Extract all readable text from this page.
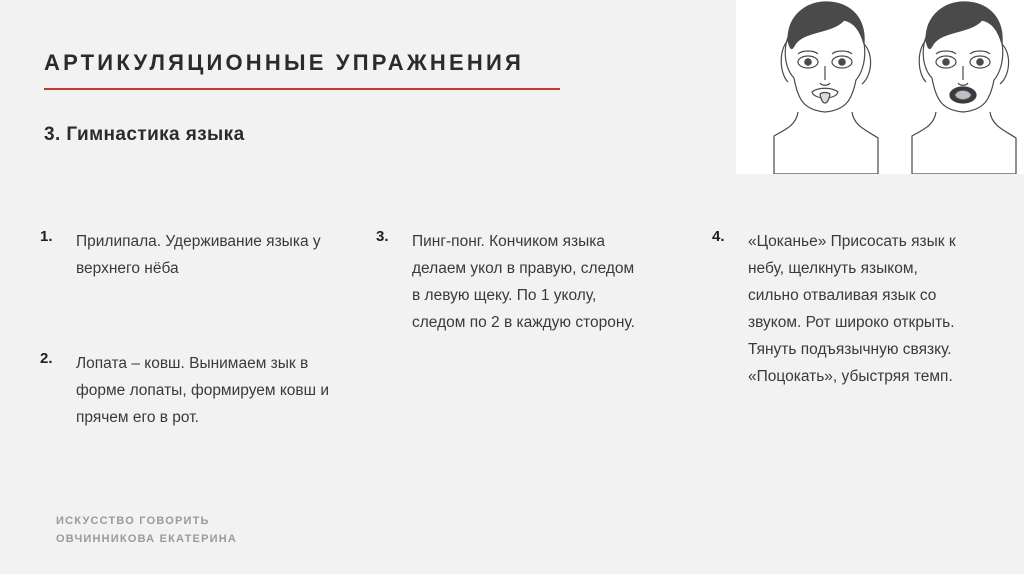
АРТИКУЛЯЦИОННЫЕ УПРАЖНЕНИЯ
3. Гимнастика языка
1. Прилипала. Удерживание языка у верхнего нёба
2. Лопата – ковш. Вынимаем зык в форме лопаты, формируем ковш и прячем его в рот.
3. Пинг-понг. Кончиком языка делаем укол в правую, следом в левую щеку. По 1 уколу, следом по 2 в каждую сторону.
4. «Цоканье» Присосать язык к небу, щелкнуть языком, сильно отваливая язык со звуком. Рот широко открыть. Тянуть подъязычную связку. «Поцокать», убыстряя темп.
ИСКУССТВО ГОВОРИТЬ
ОВЧИННИКОВА ЕКАТЕРИНА
